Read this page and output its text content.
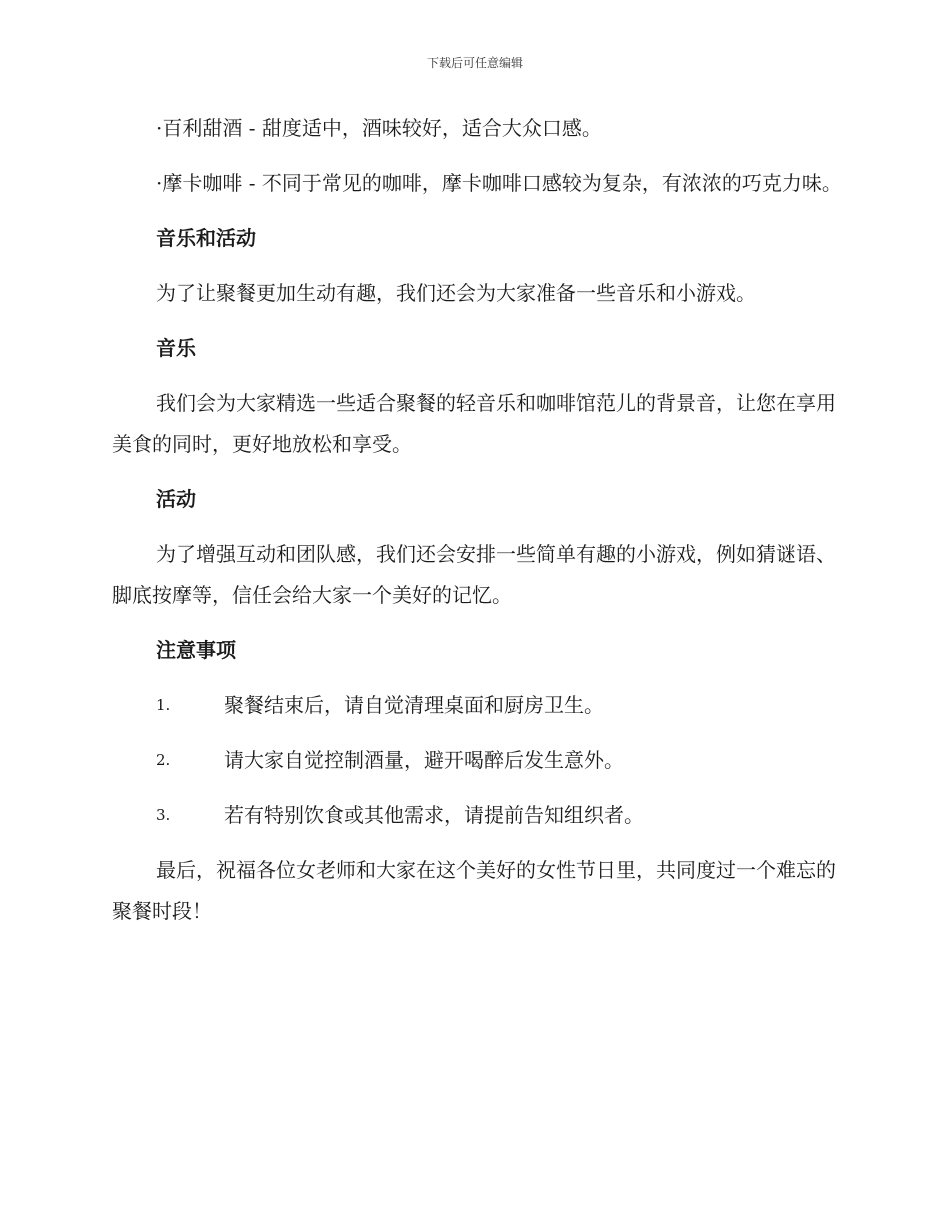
下载后可任意编辑

·百利甜酒 - 甜度适中，酒味较好，适合大众口感。

·摩卡咖啡 - 不同于常见的咖啡，摩卡咖啡口感较为复杂，有浓浓的巧克力味。

音乐和活动

为了让聚餐更加生动有趣，我们还会为大家准备一些音乐和小游戏。

音乐

我们会为大家精选一些适合聚餐的轻音乐和咖啡馆范儿的背景音，让您在享用美食的同时，更好地放松和享受。

活动

为了增强互动和团队感，我们还会安排一些简单有趣的小游戏，例如猜谜语、脚底按摩等，信任会给大家一个美好的记忆。

注意事项

1.	聚餐结束后，请自觉清理桌面和厨房卫生。
2.	请大家自觉控制酒量，避开喝醉后发生意外。
3.	若有特别饮食或其他需求，请提前告知组织者。

最后，祝福各位女老师和大家在这个美好的女性节日里，共同度过一个难忘的聚餐时段！
